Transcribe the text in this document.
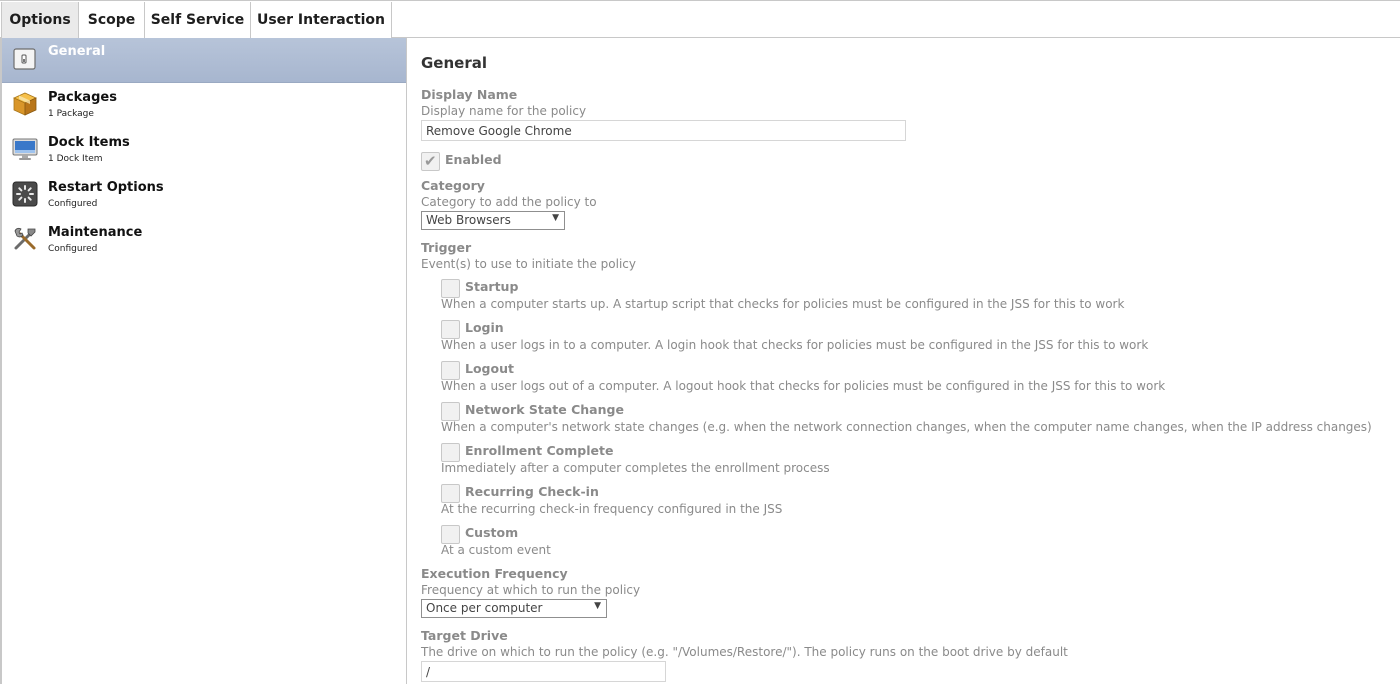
Options	Scope	Self Service User Interaction
General
Packages
1 Package
Dock Items
1 Dock Item
Restart Options
Configured
Maintenance
Configured
General
Display Name
Display name for the policy
Remove Google Chrome
✔
Enabled
Category
Category to add the policy to
Web Browsers	▼
Trigger
Event(s) to use to initiate the policy
Startup
When a computer starts up. A startup script that checks for policies must be configured in the JSS for this to work
Login
When a user logs in to a computer. A login hook that checks for policies must be configured in the JSS for this to work
Logout
When a user logs out of a computer. A logout hook that checks for policies must be configured in the JSS for this to work
Network State Change
When a computer's network state changes (e.g. when the network connection changes, when the computer name changes, when the IP address changes)
Enrollment Complete
Immediately after a computer completes the enrollment process
Recurring Check-in
At the recurring check-in frequency configured in the JSS
Custom
At a custom event
Execution Frequency
Frequency at which to run the policy
Once per computer	▼
Target Drive
The drive on which to run the policy (e.g. "/Volumes/Restore/"). The policy runs on the boot drive by default
/
